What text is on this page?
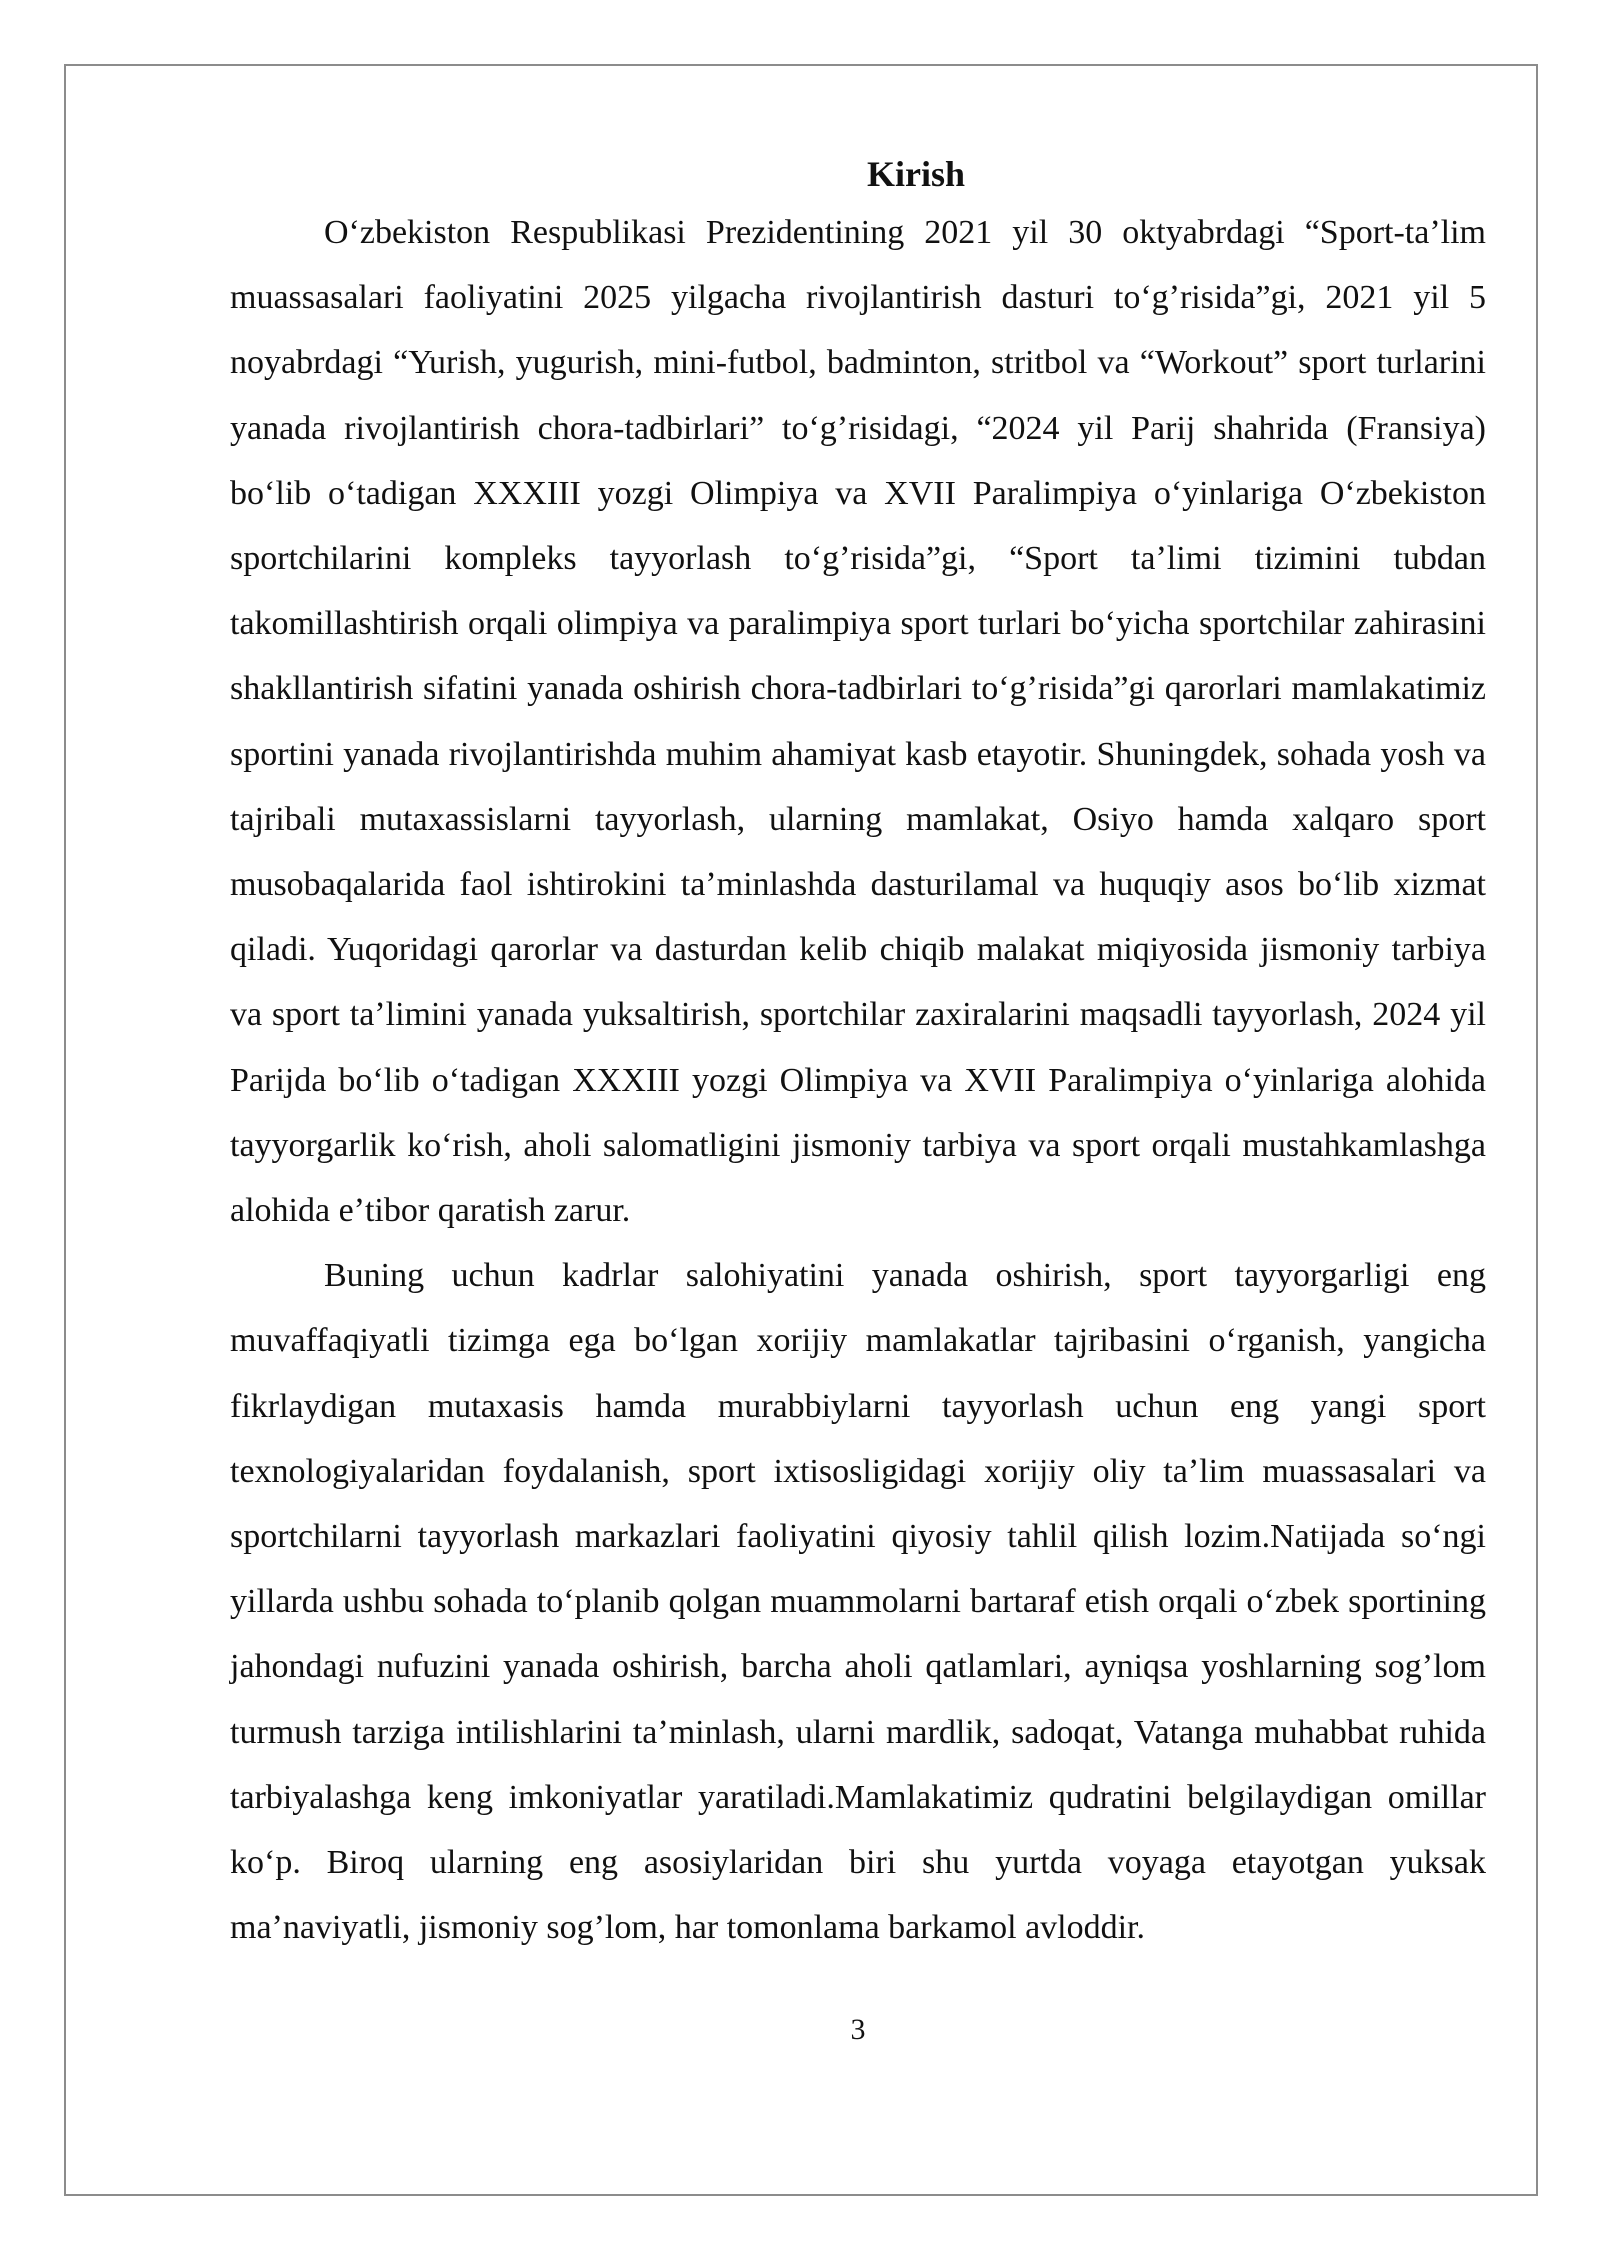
Kirish

Oʻzbekiston Respublikasi Prezidentining 2021 yil 30 oktyabrdagi “Sport-taʼlim muassasalari faoliyatini 2025 yilgacha rivojlantirish dasturi toʻgʼrisida”gi, 2021 yil 5 noyabrdagi “Yurish, yugurish, mini-futbol, badminton, stritbol va “Workout” sport turlarini yanada rivojlantirish chora-tadbirlari” toʻgʼrisidagi, “2024 yil Parij shahrida (Fransiya) boʻlib oʻtadigan XXXIII yozgi Olimpiya va XVII Paralimpiya oʻyinlariga Oʻzbekiston sportchilarini kompleks tayyorlash toʻgʼrisida”gi, “Sport taʼlimi tizimini tubdan takomillashtirish orqali olimpiya va paralimpiya sport turlari boʻyicha sportchilar zahirasini shakllantirish sifatini yanada oshirish chora-tadbirlari toʻgʼrisida”gi qarorlari mamlakatimiz sportini yanada rivojlantirishda muhim ahamiyat kasb etayotir. Shuningdek, sohada yosh va tajribali mutaxassislarni tayyorlash, ularning mamlakat, Osiyo hamda xalqaro sport musobaqalarida faol ishtirokini taʼminlashda dasturilamal va huquqiy asos boʻlib xizmat qiladi. Yuqoridagi qarorlar va dasturdan kelib chiqib malakat miqiyosida jismoniy tarbiya va sport taʼlimini yanada yuksaltirish, sportchilar zaxiralarini maqsadli tayyorlash, 2024 yil Parijda boʻlib oʻtadigan XXXIII yozgi Olimpiya va XVII Paralimpiya oʻyinlariga alohida tayyorgarlik koʻrish, aholi salomatligini jismoniy tarbiya va sport orqali mustahkamlashga alohida eʼtibor qaratish zarur.

Buning uchun kadrlar salohiyatini yanada oshirish, sport tayyorgarligi eng muvaffaqiyatli tizimga ega boʻlgan xorijiy mamlakatlar tajribasini oʻrganish, yangicha fikrlaydigan mutaxasis hamda murabbiylarni tayyorlash uchun eng yangi sport texnologiyalaridan foydalanish, sport ixtisosligidagi xorijiy oliy taʼlim muassasalari va sportchilarni tayyorlash markazlari faoliyatini qiyosiy tahlil qilish lozim.Natijada soʻngi yillarda ushbu sohada toʻplanib qolgan muammolarni bartaraf etish orqali oʻzbek sportining jahondagi nufuzini yanada oshirish, barcha aholi qatlamlari, ayniqsa yoshlarning sog’lom turmush tarziga intilishlarini taʼminlash, ularni mardlik, sadoqat, Vatanga muhabbat ruhida tarbiyalashga keng imkoniyatlar yaratiladi.Mamlakatimiz qudratini belgilaydigan omillar koʻp. Biroq ularning eng asosiylaridan biri shu yurtda voyaga etayotgan yuksak maʼnaviyatli, jismoniy sog’lom, har tomonlama barkamol avloddir.

3
